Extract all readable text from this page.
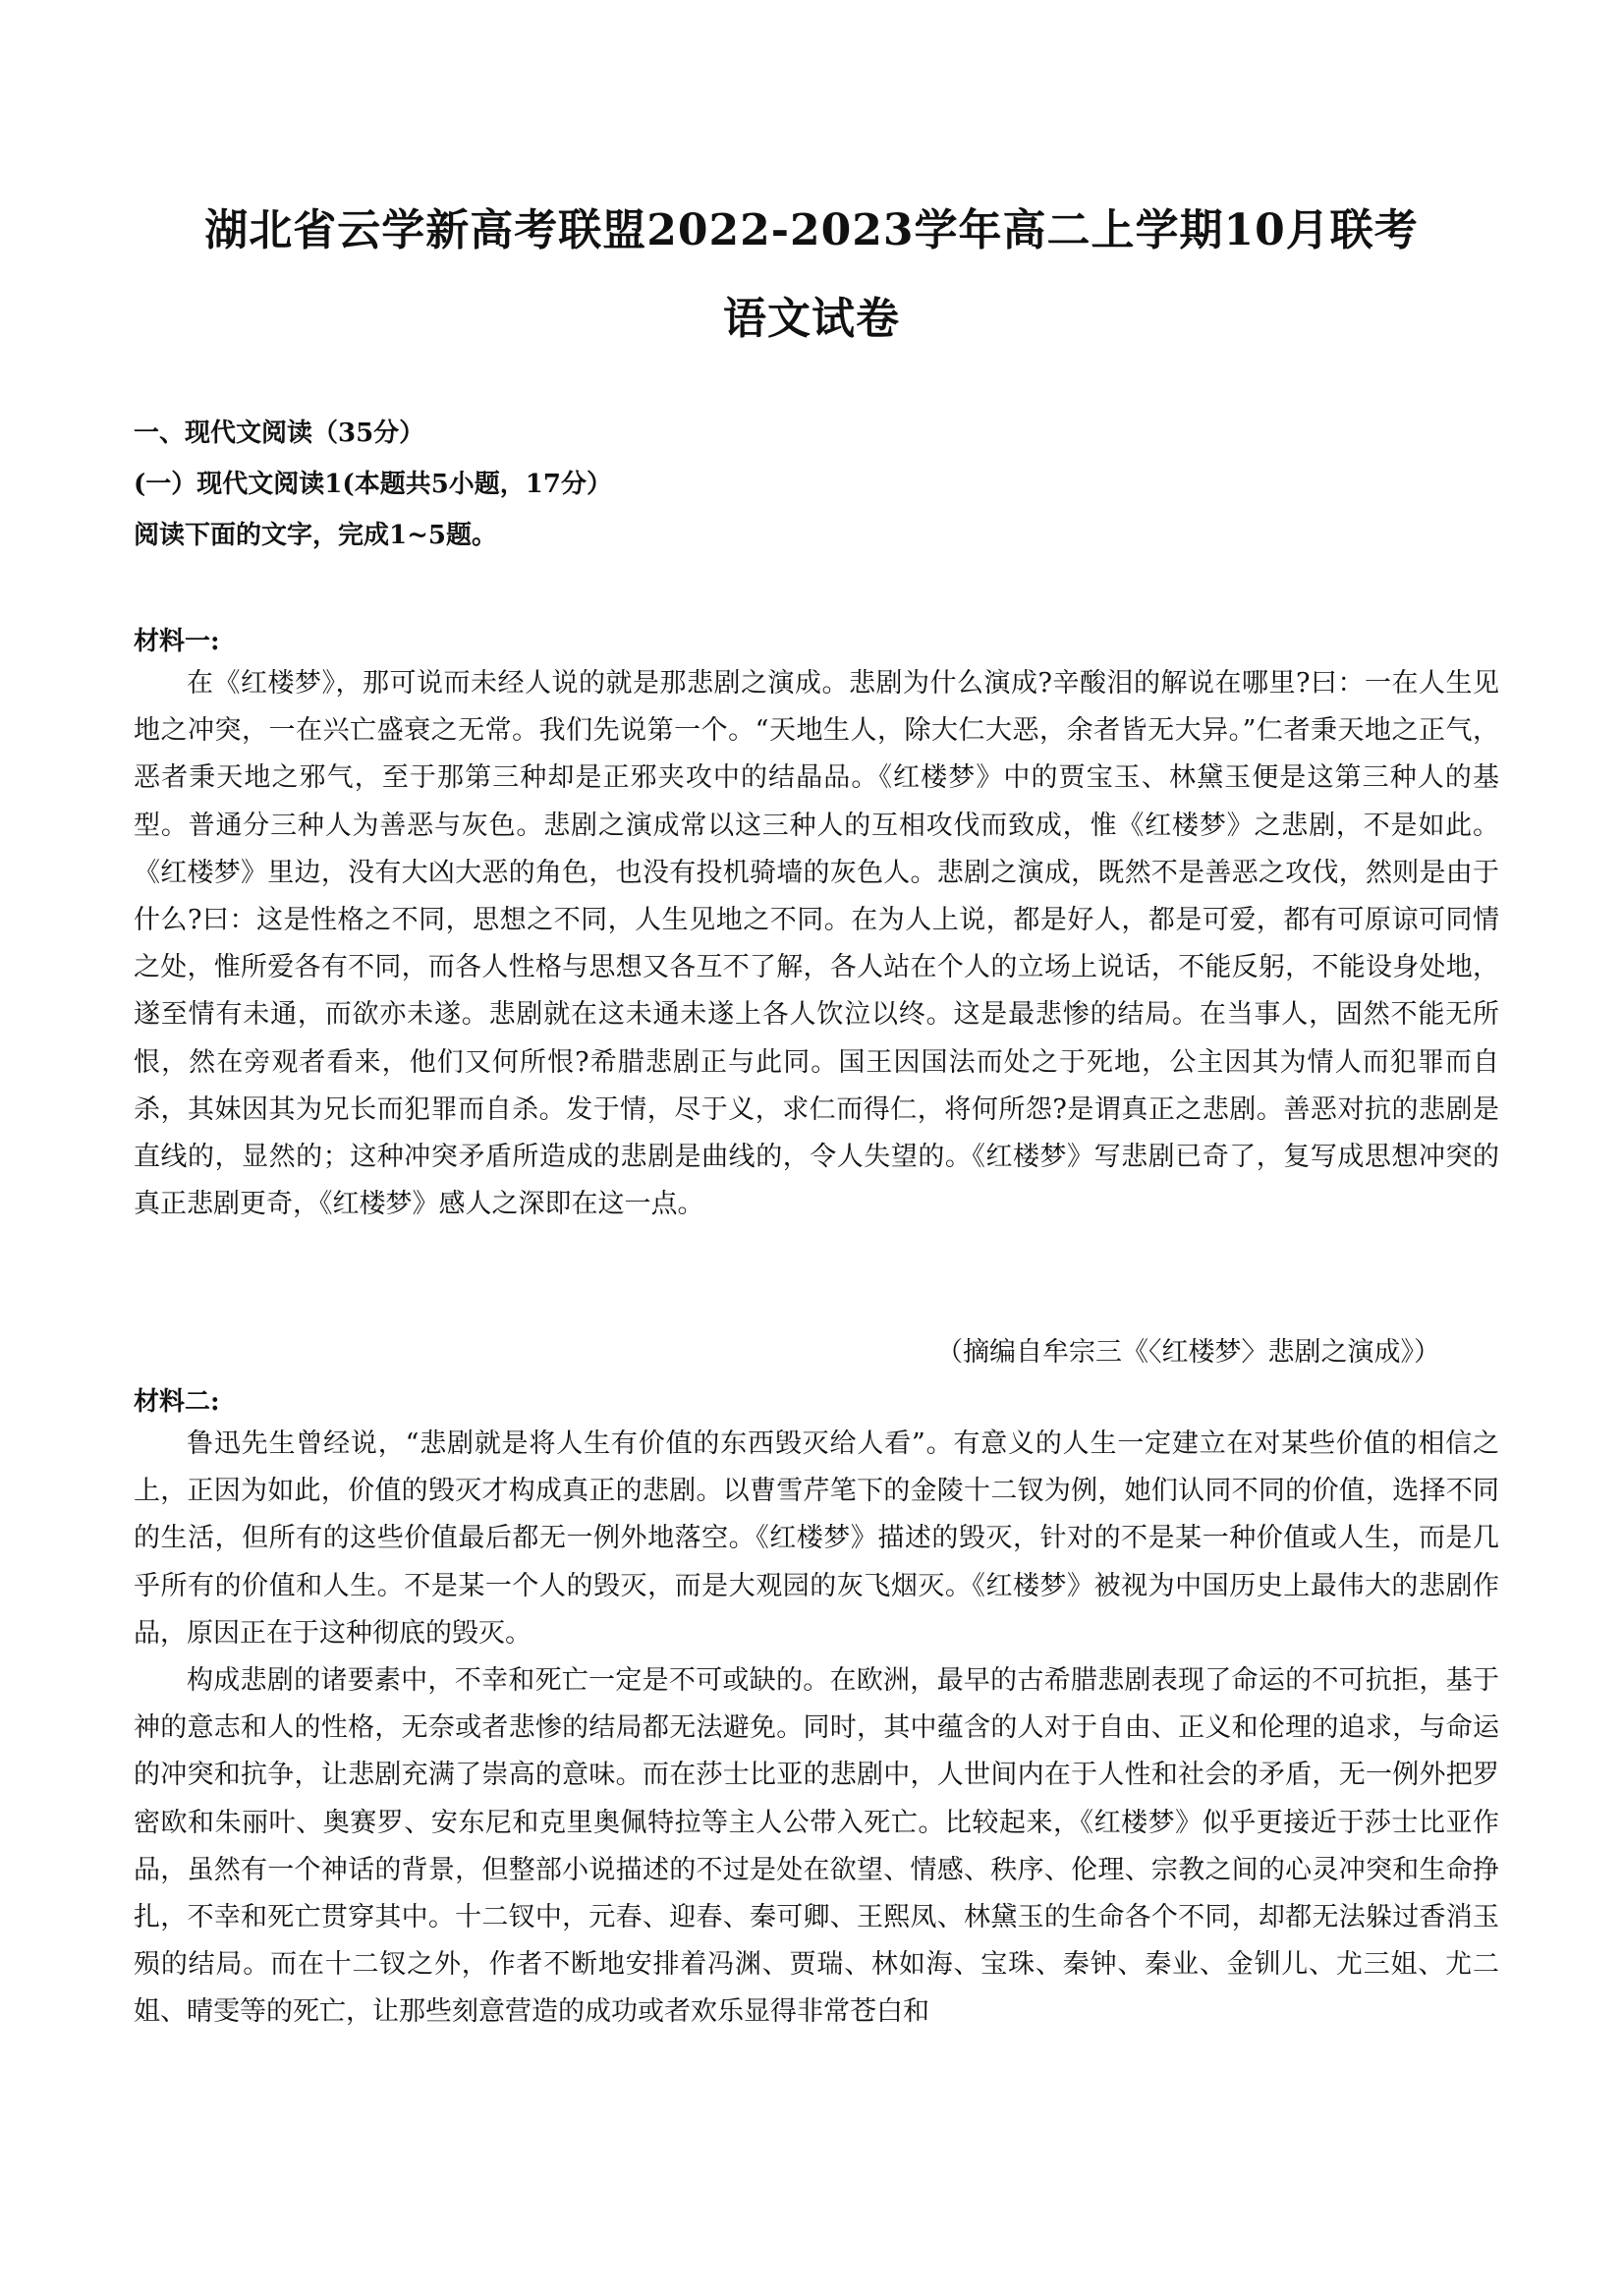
湖北省云学新高考联盟2022-2023学年高二上学期10月联考
语文试卷
一、现代文阅读（35分）
(一）现代文阅读1(本题共5小题，17分）
阅读下面的文字，完成1~5题。
材料一:

在《红楼梦》，那可说而未经人说的就是那悲剧之演成。悲剧为什么演成?辛酸泪的解说在哪里?曰：一在人生见地之冲突，一在兴亡盛衰之无常。我们先说第一个。“天地生人，除大仁大恶，余者皆无大异。”仁者秉天地之正气，恶者秉天地之邪气，至于那第三种却是正邪夹攻中的结晶品。《红楼梦》中的贾宝玉、林黛玉便是这第三种人的基型。普通分三种人为善恶与灰色。悲剧之演成常以这三种人的互相攻伐而致成，惟《红楼梦》之悲剧，不是如此。《红楼梦》里边，没有大凶大恶的角色，也没有投机骑墙的灰色人。悲剧之演成，既然不是善恶之攻伐，然则是由于什么?曰：这是性格之不同，思想之不同，人生见地之不同。在为人上说，都是好人，都是可爱，都有可原谅可同情之处，惟所爱各有不同，而各人性格与思想又各互不了解，各人站在个人的立场上说话，不能反躬，不能设身处地，遂至情有未通，而欲亦未遂。悲剧就在这未通未遂上各人饮泣以终。这是最悲惨的结局。在当事人，固然不能无所恨，然在旁观者看来，他们又何所恨?希腊悲剧正与此同。国王因国法而处之于死地，公主因其为情人而犯罪而自杀，其妹因其为兄长而犯罪而自杀。发于情，尽于义，求仁而得仁，将何所怨?是谓真正之悲剧。善恶对抗的悲剧是直线的，显然的；这种冲突矛盾所造成的悲剧是曲线的，令人失望的。《红楼梦》写悲剧已奇了，复写成思想冲突的真正悲剧更奇，《红楼梦》感人之深即在这一点。

（摘编自牟宗三《〈红楼梦〉悲剧之演成》）
材料二:

鲁迅先生曾经说，“悲剧就是将人生有价值的东西毁灭给人看”。有意义的人生一定建立在对某些价值的相信之上，正因为如此，价值的毁灭才构成真正的悲剧。以曹雪芹笔下的金陵十二钗为例，她们认同不同的价值，选择不同的生活，但所有的这些价值最后都无一例外地落空。《红楼梦》描述的毁灭，针对的不是某一种价值或人生，而是几乎所有的价值和人生。不是某一个人的毁灭，而是大观园的灰飞烟灭。《红楼梦》被视为中国历史上最伟大的悲剧作品，原因正在于这种彻底的毁灭。

构成悲剧的诸要素中，不幸和死亡一定是不可或缺的。在欧洲，最早的古希腊悲剧表现了命运的不可抗拒，基于神的意志和人的性格，无奈或者悲惨的结局都无法避免。同时，其中蕴含的人对于自由、正义和伦理的追求，与命运的冲突和抗争，让悲剧充满了崇高的意味。而在莎士比亚的悲剧中，人世间内在于人性和社会的矛盾，无一例外把罗密欧和朱丽叶、奥赛罗、安东尼和克里奥佩特拉等主人公带入死亡。比较起来，《红楼梦》似乎更接近于莎士比亚作品，虽然有一个神话的背景，但整部小说描述的不过是处在欲望、情感、秩序、伦理、宗教之间的心灵冲突和生命挣扎，不幸和死亡贯穿其中。十二钗中，元春、迎春、秦可卿、王熙凤、林黛玉的生命各个不同，却都无法躲过香消玉殒的结局。而在十二钗之外，作者不断地安排着冯渊、贾瑞、林如海、宝珠、秦钟、秦业、金钏儿、尤三姐、尤二姐、晴雯等的死亡，让那些刻意营造的成功或者欢乐显得非常苍白和
